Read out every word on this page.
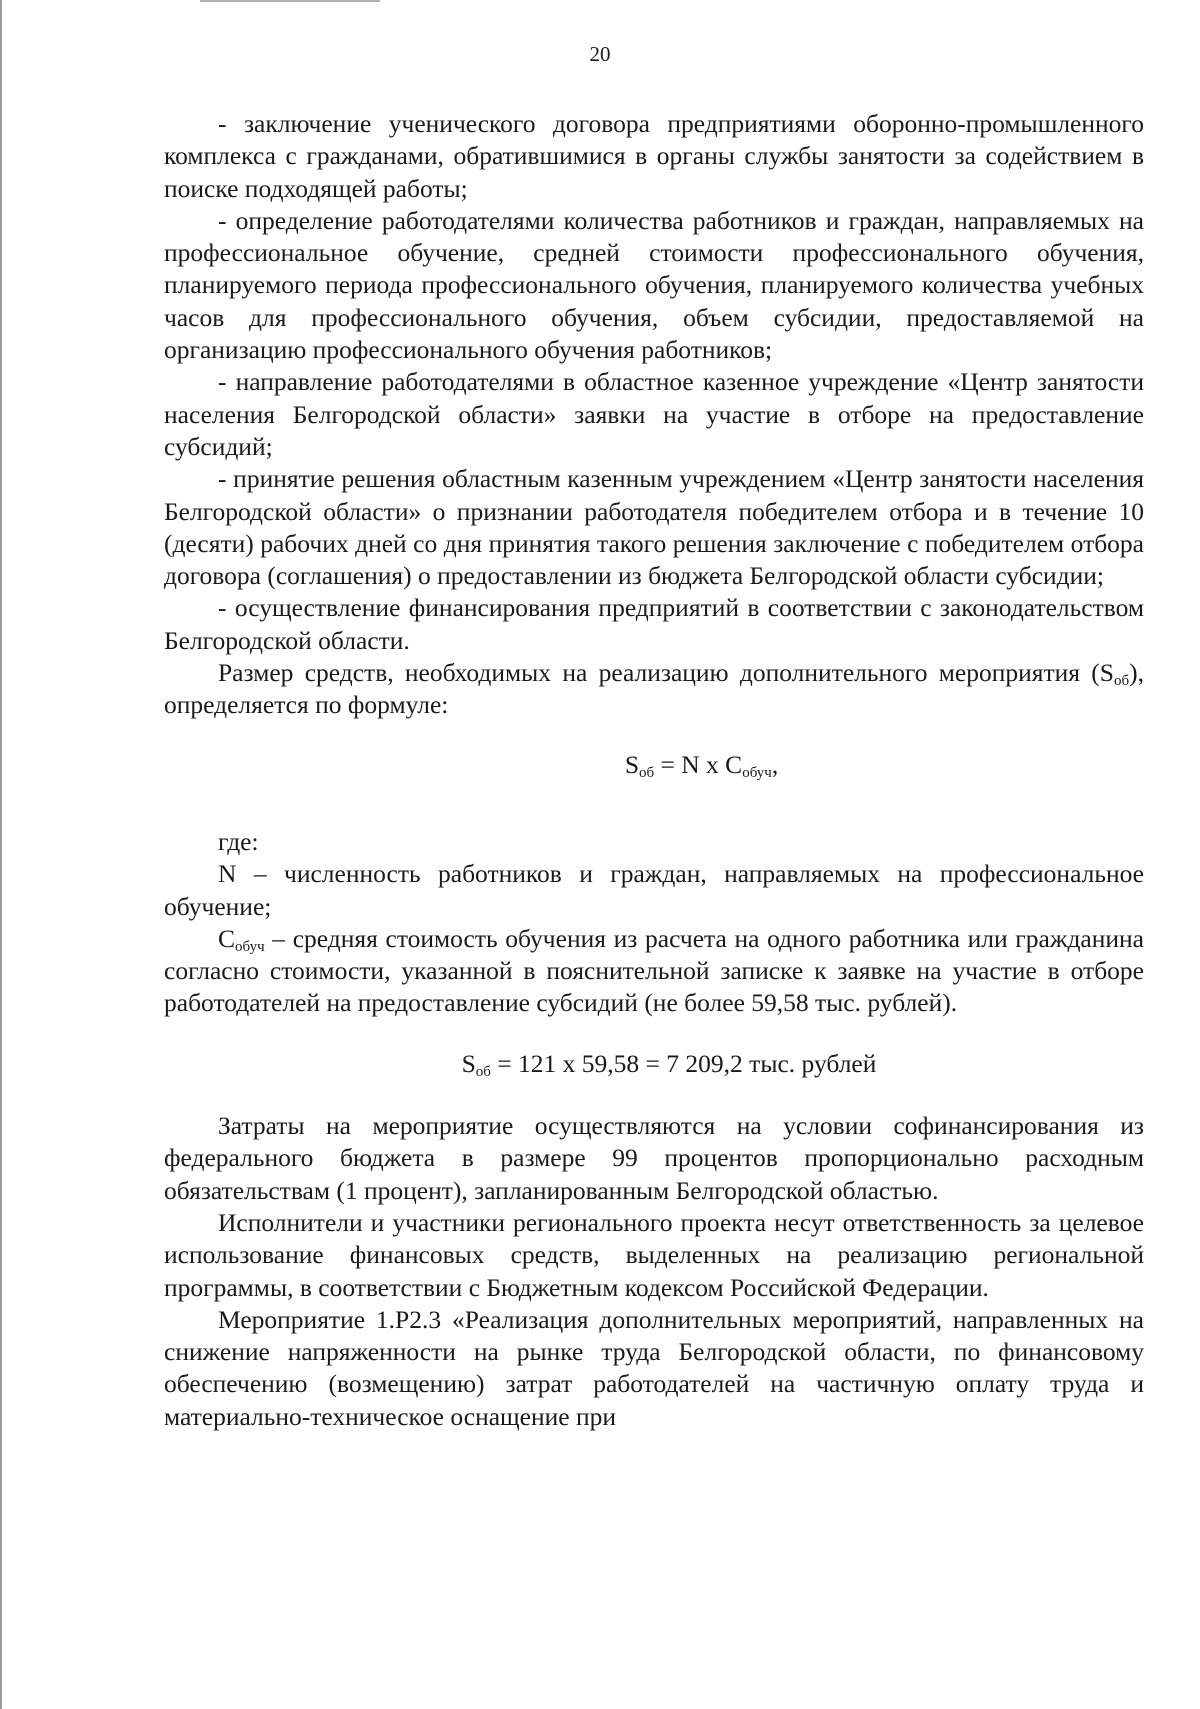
20

- заключение ученического договора предприятиями оборонно-промышленного комплекса с гражданами, обратившимися в органы службы занятости за содействием в поиске подходящей работы;

- определение работодателями количества работников и граждан, направляемых на профессиональное обучение, средней стоимости профессионального обучения, планируемого периода профессионального обучения, планируемого количества учебных часов для профессионального обучения, объем субсидии, предоставляемой на организацию профессионального обучения работников;

- направление работодателями в областное казенное учреждение «Центр занятости населения Белгородской области» заявки на участие в отборе на предоставление субсидий;

- принятие решения областным казенным учреждением «Центр занятости населения Белгородской области» о признании работодателя победителем отбора и в течение 10 (десяти) рабочих дней со дня принятия такого решения заключение с победителем отбора договора (соглашения) о предоставлении из бюджета Белгородской области субсидии;

- осуществление финансирования предприятий в соответствии с законодательством Белгородской области.

Размер средств, необходимых на реализацию дополнительного мероприятия $(S_{об})$, определяется по формуле:

$S_{об} = N$ x $C_{обуч}$,

где:

N – численность работников и граждан, направляемых на профессиональное обучение;

$C_{обуч}$ – средняя стоимость обучения из расчета на одного работника или гражданина согласно стоимости, указанной в пояснительной записке к заявке на участие в отборе работодателей на предоставление субсидий (не более 59,58 тыс. рублей).

$S_{об} = 121$ x 59,58 = 7 209,2 тыс. рублей

Затраты на мероприятие осуществляются на условии софинансирования из федерального бюджета в размере 99 процентов пропорционально расходным обязательствам (1 процент), запланированным Белгородской областью.

Исполнители и участники регионального проекта несут ответственность за целевое использование финансовых средств, выделенных на реализацию региональной программы, в соответствии с Бюджетным кодексом Российской Федерации.

Мероприятие 1.P2.3 «Реализация дополнительных мероприятий, направленных на снижение напряженности на рынке труда Белгородской области, по финансовому обеспечению (возмещению) затрат работодателей на частичную оплату труда и материально-техническое оснащение при
